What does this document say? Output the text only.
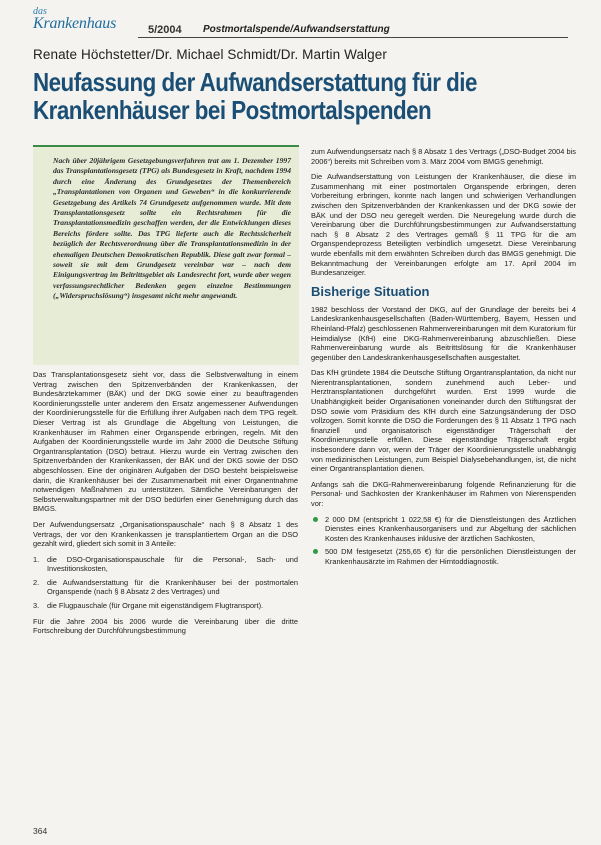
das
Krankenhaus	5/2004 Postmortalspende/Aufwandserstattung
Renate Höchstetter/Dr. Michael Schmidt/Dr. Martin Walger
Neufassung der Aufwandserstattung für die
Krankenhäuser bei Postmortalspenden
Nach über 20jährigem Gesetzgebungsverfahren trat am 1. Dezember 1997 das Transplantationsgesetz (TPG) als Bundesgesetz in Kraft, nachdem 1994 durch eine Änderung des Grundgesetzes der Themenbereich „Transplantationen von Organen und Geweben“ in die konkurrierende Gesetzgebung des Artikels 74 Grundgesetz aufgenommen wurde. Mit dem Transplantationsgesetz sollte ein Rechtsrahmen für die Transplantationsmedizin geschaffen werden, der die Entwicklungen dieses Bereichs fördere sollte. Das TPG lieferte auch die Rechtssicherheit bezüglich der Rechtsverordnung über die Transplantationsmedizin in der ehemaligen Deutschen Demokratischen Republik. Diese galt zwar formal – soweit sie mit dem Grundgesetz vereinbar war – nach dem Einigungsvertrag im Beitrittsgebiet als Landesrecht fort, wurde aber wegen verfassungsrechtlicher Bedenken gegen einzelne Bestimmungen („Widerspruchslösung“) insgesamt nicht mehr angewandt.

Das Transplantationsgesetz sieht vor, dass die Selbstverwaltung in einem Vertrag zwischen den Spitzenverbänden der Krankenkassen, der Bundesärztekammer (BÄK) und der DKG sowie einer zu beauftragenden Koordinierungsstelle unter anderem den Ersatz angemessener Aufwendungen der Koordinierungsstelle für die Erfüllung ihrer Aufgaben nach dem TPG regelt. Dieser Vertrag ist als Grundlage die Abgeltung von Leistungen, die Krankenhäuser im Rahmen einer Organspende erbringen, regeln. Mit den Aufgaben der Koordinierungsstelle wurde im Jahr 2000 die Deutsche Stiftung Organtransplantation (DSO) betraut. Hierzu wurde ein Vertrag zwischen den Spitzenverbänden der Krankenkassen, der BÄK und der DKG sowie der DSO abgeschlossen. Eine der originären Aufgaben der DSO besteht beispielsweise darin, die Krankenhäuser bei der Zusammenarbeit mit einer Organentnahme notwendigen Maßnahmen zu unterstützen. Sämtliche Vereinbarungen der Selbstverwaltungspartner mit der DSO bedürfen einer Genehmigung durch das BMGS.

Der Aufwendungsersatz „Organisationspauschale“ nach § 8 Absatz 1 des Vertrags, der vor den Krankenkassen je transplantiertem Organ an die DSO gezahlt wird, gliedert sich somit in 3 Anteile:

1. die DSO-Organisationspauschale für die Personal-, Sach- und Investitionskosten,
2. die Aufwandserstattung für die Krankenhäuser bei der postmortalen Organspende (nach § 8 Absatz 2 des Vertrages) und
3. die Flugpauschale (für Organe mit eigenständigem Flugtransport).

Für die Jahre 2004 bis 2006 wurde die Vereinbarung über die dritte Fortschreibung der Durchführungsbestimmung

zum Aufwendungsersatz nach § 8 Absatz 1 des Vertrags („DSO-Budget 2004 bis 2006“) bereits mit Schreiben vom 3. März 2004 vom BMGS genehmigt.

Die Aufwandserstattung von Leistungen der Krankenhäuser, die diese im Zusammenhang mit einer postmortalen Organspende erbringen, deren Vorbereitung erbringen, konnte nach langen und schwierigen Verhandlungen zwischen den Spitzenverbänden der Krankenkassen und der DKG sowie der BÄK und der DSO neu geregelt werden. Die Neuregelung wurde durch die Vereinbarung über die Durchführungsbestimmungen zur Aufwandserstattung nach § 8 Absatz 2 des Vertrages gemäß § 11 TPG für die am Organspendeprozess Beteiligten verbindlich umgesetzt. Diese Vereinbarung wurde ebenfalls mit dem erwähnten Schreiben durch das BMGS genehmigt. Die Bekanntmachung der Vereinbarungen erfolgte am 17. April 2004 im Bundesanzeiger.

Bisherige Situation

1982 beschloss der Vorstand der DKG, auf der Grundlage der bereits bei 4 Landeskrankenhausgesellschaften (Baden-Württemberg, Bayern, Hessen und Rheinland-Pfalz) geschlossenen Rahmenvereinbarungen mit dem Kuratorium für Heimdialyse (KfH) eine DKG-Rahmenvereinbarung abzuschließen. Diese Rahmenvereinbarung wurde als Beitrittslösung für die Krankenhäuser gegenüber den Landeskrankenhausgesellschaften ausgestaltet.

Das KfH gründete 1984 die Deutsche Stiftung Organtransplantation, da nicht nur Nierentransplantationen, sondern zunehmend auch Leber- und Herztransplantationen durchgeführt wurden. Erst 1999 wurde die Unabhängigkeit beider Organisationen voneinander durch den Stiftungsrat der DSO sowie vom Präsidium des KfH durch eine Satzungsänderung der DSO vollzogen. Somit konnte die DSO die Forderungen des § 11 Absatz 1 TPG nach finanziell und organisatorisch eigenständiger Trägerschaft der Koordinierungsstelle erfüllen. Diese eigenständige Trägerschaft ergibt insbesondere dann vor, wenn der Träger der Koordinierungsstelle unabhängig von medizinischen Leistungen, zum Beispiel Dialysebehandlungen, ist, die nicht einer Organtransplantation dienen.

Anfangs sah die DKG-Rahmenvereinbarung folgende Refinanzierung für die Personal- und Sachkosten der Krankenhäuser im Rahmen von Nierenspenden vor:

2 000 DM (entspricht 1 022,58 €) für die Dienstleistungen des Ärztlichen Dienstes eines Krankenhausorganisers und zur Abgeltung der sächlichen Kosten des Krankenhauses inklusive der ärztlichen Sachkosten,
500 DM festgesetzt (255,65 €) für die persönlichen Dienstleistungen der Krankenhausärzte im Rahmen der Hirntoddiagnostik.
364
